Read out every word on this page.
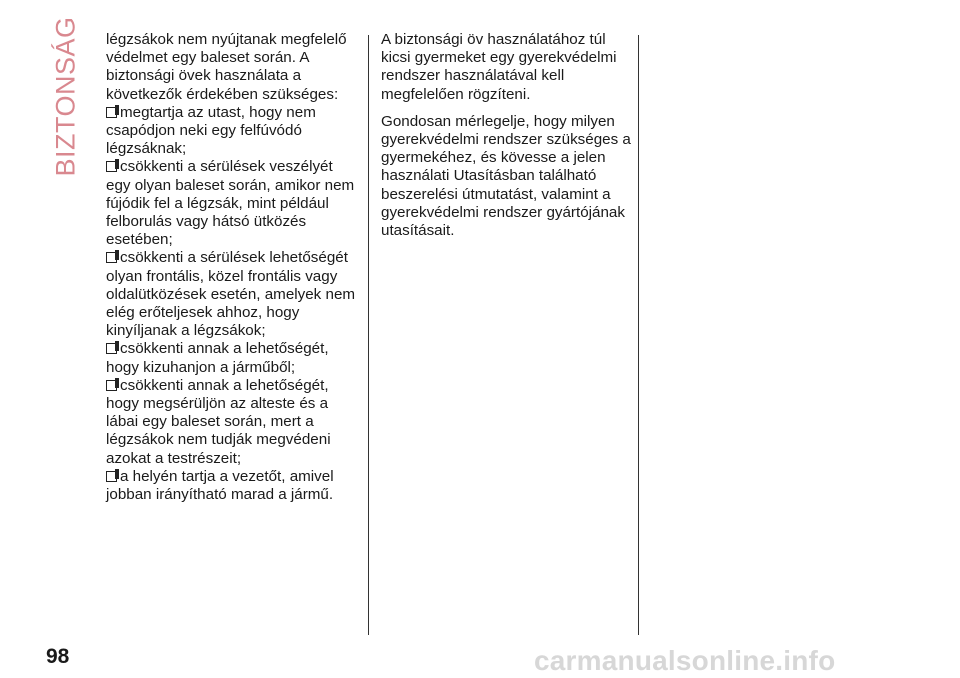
BIZTONSÁG légzsákok nem nyújtanak megfelelő védelmet egy baleset során. A biztonsági övek használata a következők érdekében szükséges:

megtartja az utast, hogy nem csapódjon neki egy felfúvódó légzsáknak;
csökkenti a sérülések veszélyét egy olyan baleset során, amikor nem fújódik fel a légzsák, mint például felborulás vagy hátsó ütközés esetében;
csökkenti a sérülések lehetőségét olyan frontális, közel frontális vagy oldalütközések esetén, amelyek nem elég erőteljesek ahhoz, hogy kinyíljanak a légzsákok;
csökkenti annak a lehetőségét, hogy kizuhanjon a járműből;
csökkenti annak a lehetőségét, hogy megsérüljön az alteste és a lábai egy baleset során, mert a légzsákok nem tudják megvédeni azokat a testrészeit;
a helyén tartja a vezetőt, amivel jobban irányítható marad a jármű.

A biztonsági öv használatához túl kicsi gyermeket egy gyerekvédelmi rendszer használatával kell megfelelően rögzíteni.

Gondosan mérlegelje, hogy milyen gyerekvédelmi rendszer szükséges a gyermekéhez, és kövesse a jelen használati Utasításban található beszerelési útmutatást, valamint a gyerekvédelmi rendszer gyártójának utasításait.

98	carmanualsonline.info
